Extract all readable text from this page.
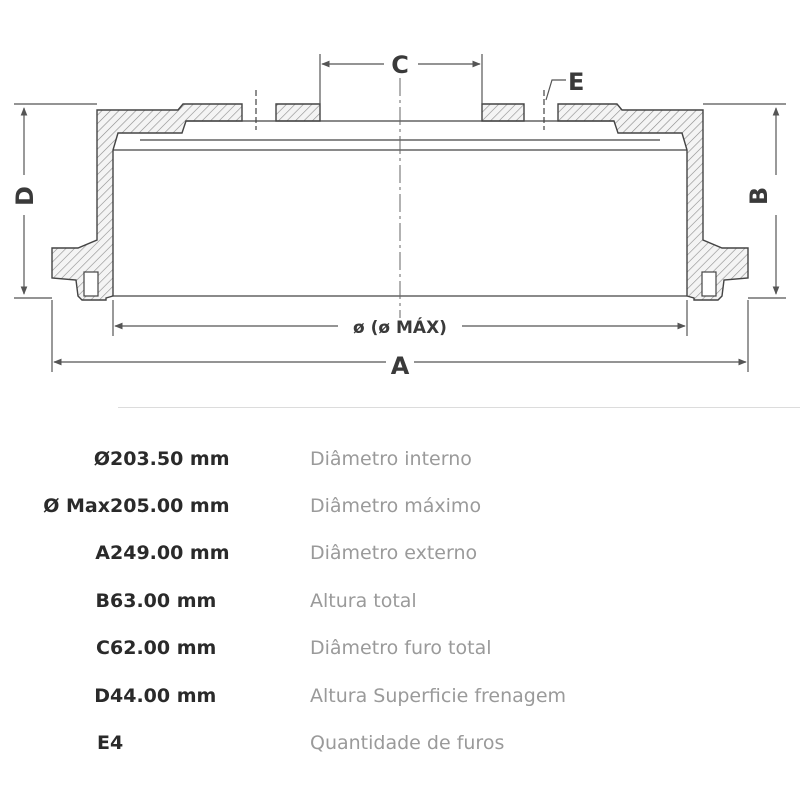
C
E
D	B
ø (ø MÁX)
A
Ø	203.50 mm	Diâmetro interno
Ø Max	205.00 mm	Diâmetro máximo
A	249.00 mm	Diâmetro externo
B	63.00 mm	Altura total
C	62.00 mm	Diâmetro furo total
D	44.00 mm	Altura Superficie frenagem
E	4	Quantidade de furos
